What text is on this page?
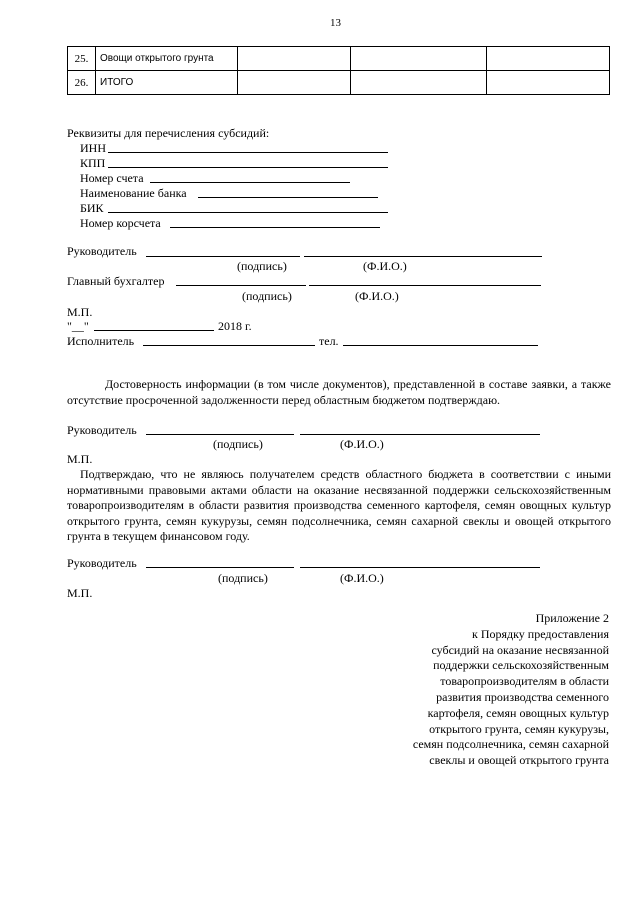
13
25.	Овощи открытого грунта			
26.	ИТОГО			
Реквизиты для перечисления субсидий:
ИНН
КПП
Номер счета
Наименование банка
БИК
Номер корсчета
Руководитель
(подпись)	(Ф.И.О.)
Главный бухгалтер
(подпись)	(Ф.И.О.)
М.П.
"__"	2018 г.
Исполнитель	тел.
Достоверность информации (в том числе документов), представленной в составе заявки, а также отсутствие просроченной задолженности перед областным бюджетом подтверждаю.
Руководитель
(подпись)	(Ф.И.О.)
М.П.
Подтверждаю, что не являюсь получателем средств областного бюджета в соответствии с иными нормативными правовыми актами области на оказание несвязанной поддержки сельскохозяйственным товаропроизводителям в области развития производства семенного картофеля, семян овощных культур открытого грунта, семян кукурузы, семян подсолнечника, семян сахарной свеклы и овощей открытого грунта в текущем финансовом году.
Руководитель
(подпись)	(Ф.И.О.)
М.П.
Приложение 2
к Порядку предоставления
субсидий на оказание несвязанной
поддержки сельскохозяйственным
товаропроизводителям в области
развития производства семенного
картофеля, семян овощных культур
открытого грунта, семян кукурузы,
семян подсолнечника, семян сахарной
свеклы и овощей открытого грунта
